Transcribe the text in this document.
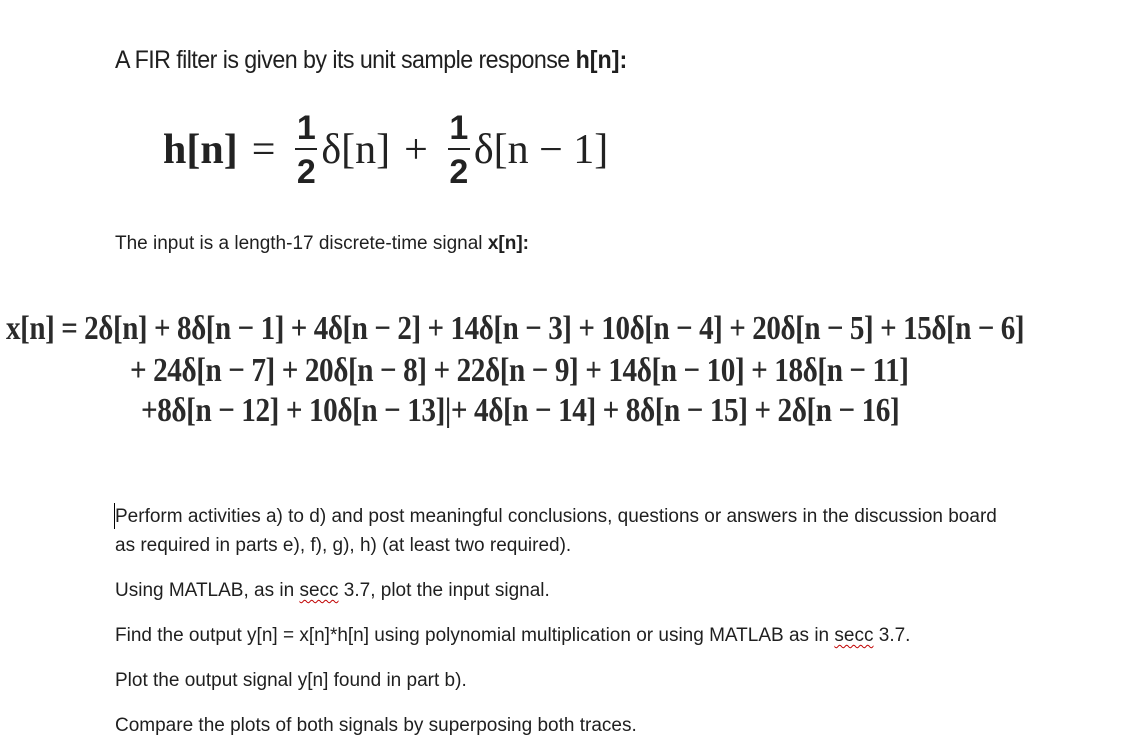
A FIR filter is given by its unit sample response h[n]:
$h[n] = \frac{1}{2} \delta[n] + \frac{1}{2} \delta[n - 1]$
The input is a length-17 discrete-time signal x[n]:
x[n] = 2δ[n] + 8δ[n − 1] + 4δ[n − 2] + 14δ[n − 3] + 10δ[n − 4] + 20δ[n − 5] + 15δ[n − 6]
+ 24δ[n − 7] + 20δ[n − 8] + 22δ[n − 9] + 14δ[n − 10] + 18δ[n − 11]
+8δ[n − 12] + 10δ[n − 13]|+ 4δ[n − 14] + 8δ[n − 15] + 2δ[n − 16]
Perform activities a) to d) and post meaningful conclusions, questions or answers in the discussion board as required in parts e), f), g), h) (at least two required).
Using MATLAB, as in secc 3.7, plot the input signal.
Find the output y[n] = x[n]*h[n] using polynomial multiplication or using MATLAB as in secc 3.7.
Plot the output signal y[n] found in part b).
Compare the plots of both signals by superposing both traces.
